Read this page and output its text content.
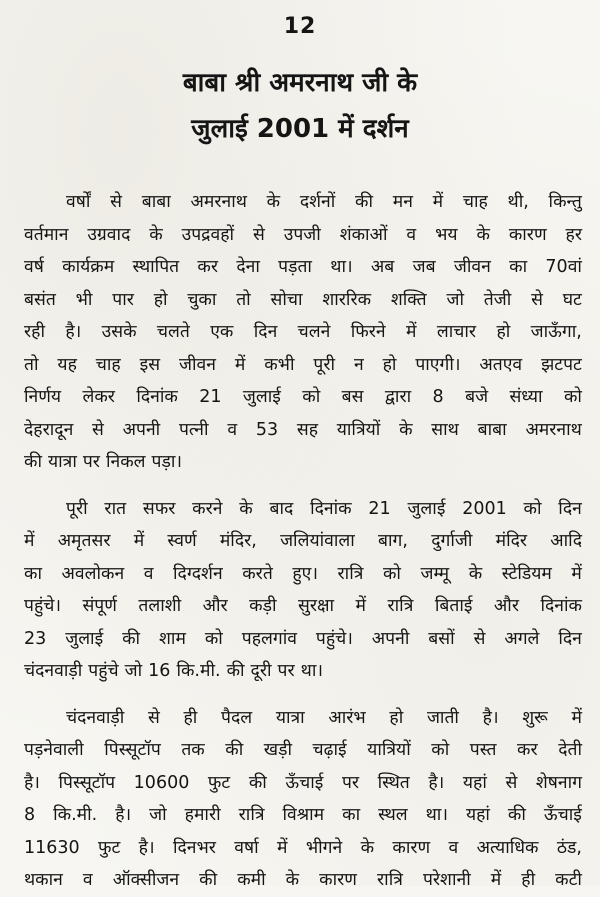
12
बाबा श्री अमरनाथ जी के
जुलाई 2001 में दर्शन
वर्षों से बाबा अमरनाथ के दर्शनों की मन में चाह थी, किन्तु
वर्तमान उग्रवाद के उपद्रवहों से उपजी शंकाओं व भय के कारण हर
वर्ष कार्यक्रम स्थापित कर देना पड़ता था। अब जब जीवन का 70वां
बसंत भी पार हो चुका तो सोचा शाररिक शक्ति जो तेजी से घट
रही है। उसके चलते एक दिन चलने फिरने में लाचार हो जाऊँगा,
तो यह चाह इस जीवन में कभी पूरी न हो पाएगी। अतएव झटपट
निर्णय लेकर दिनांक 21 जुलाई को बस द्वारा 8 बजे संध्या को
देहरादून से अपनी पत्नी व 53 सह यात्रियों के साथ बाबा अमरनाथ
की यात्रा पर निकल पड़ा।
पूरी रात सफर करने के बाद दिनांक 21 जुलाई 2001 को दिन
में अमृतसर में स्वर्ण मंदिर, जलियांवाला बाग, दुर्गाजी मंदिर आदि
का अवलोकन व दिग्दर्शन करते हुए। रात्रि को जम्मू के स्टेडियम में
पहुंचे। संपूर्ण तलाशी और कड़ी सुरक्षा में रात्रि बिताई और दिनांक
23 जुलाई की शाम को पहलगांव पहुंचे। अपनी बसों से अगले दिन
चंदनवाड़ी पहुंचे जो 16 कि.मी. की दूरी पर था।
चंदनवाड़ी से ही पैदल यात्रा आरंभ हो जाती है। शुरू में
पड़नेवाली पिस्सूटॉप तक की खड़ी चढ़ाई यात्रियों को पस्त कर देती
है। पिस्सूटॉप 10600 फुट की ऊँचाई पर स्थित है। यहां से शेषनाग
8 कि.मी. है। जो हमारी रात्रि विश्राम का स्थल था। यहां की ऊँचाई
11630 फुट है। दिनभर वर्षा में भीगने के कारण व अत्याधिक ठंड,
थकान व ऑक्सीजन की कमी के कारण रात्रि परेशानी में ही कटी
